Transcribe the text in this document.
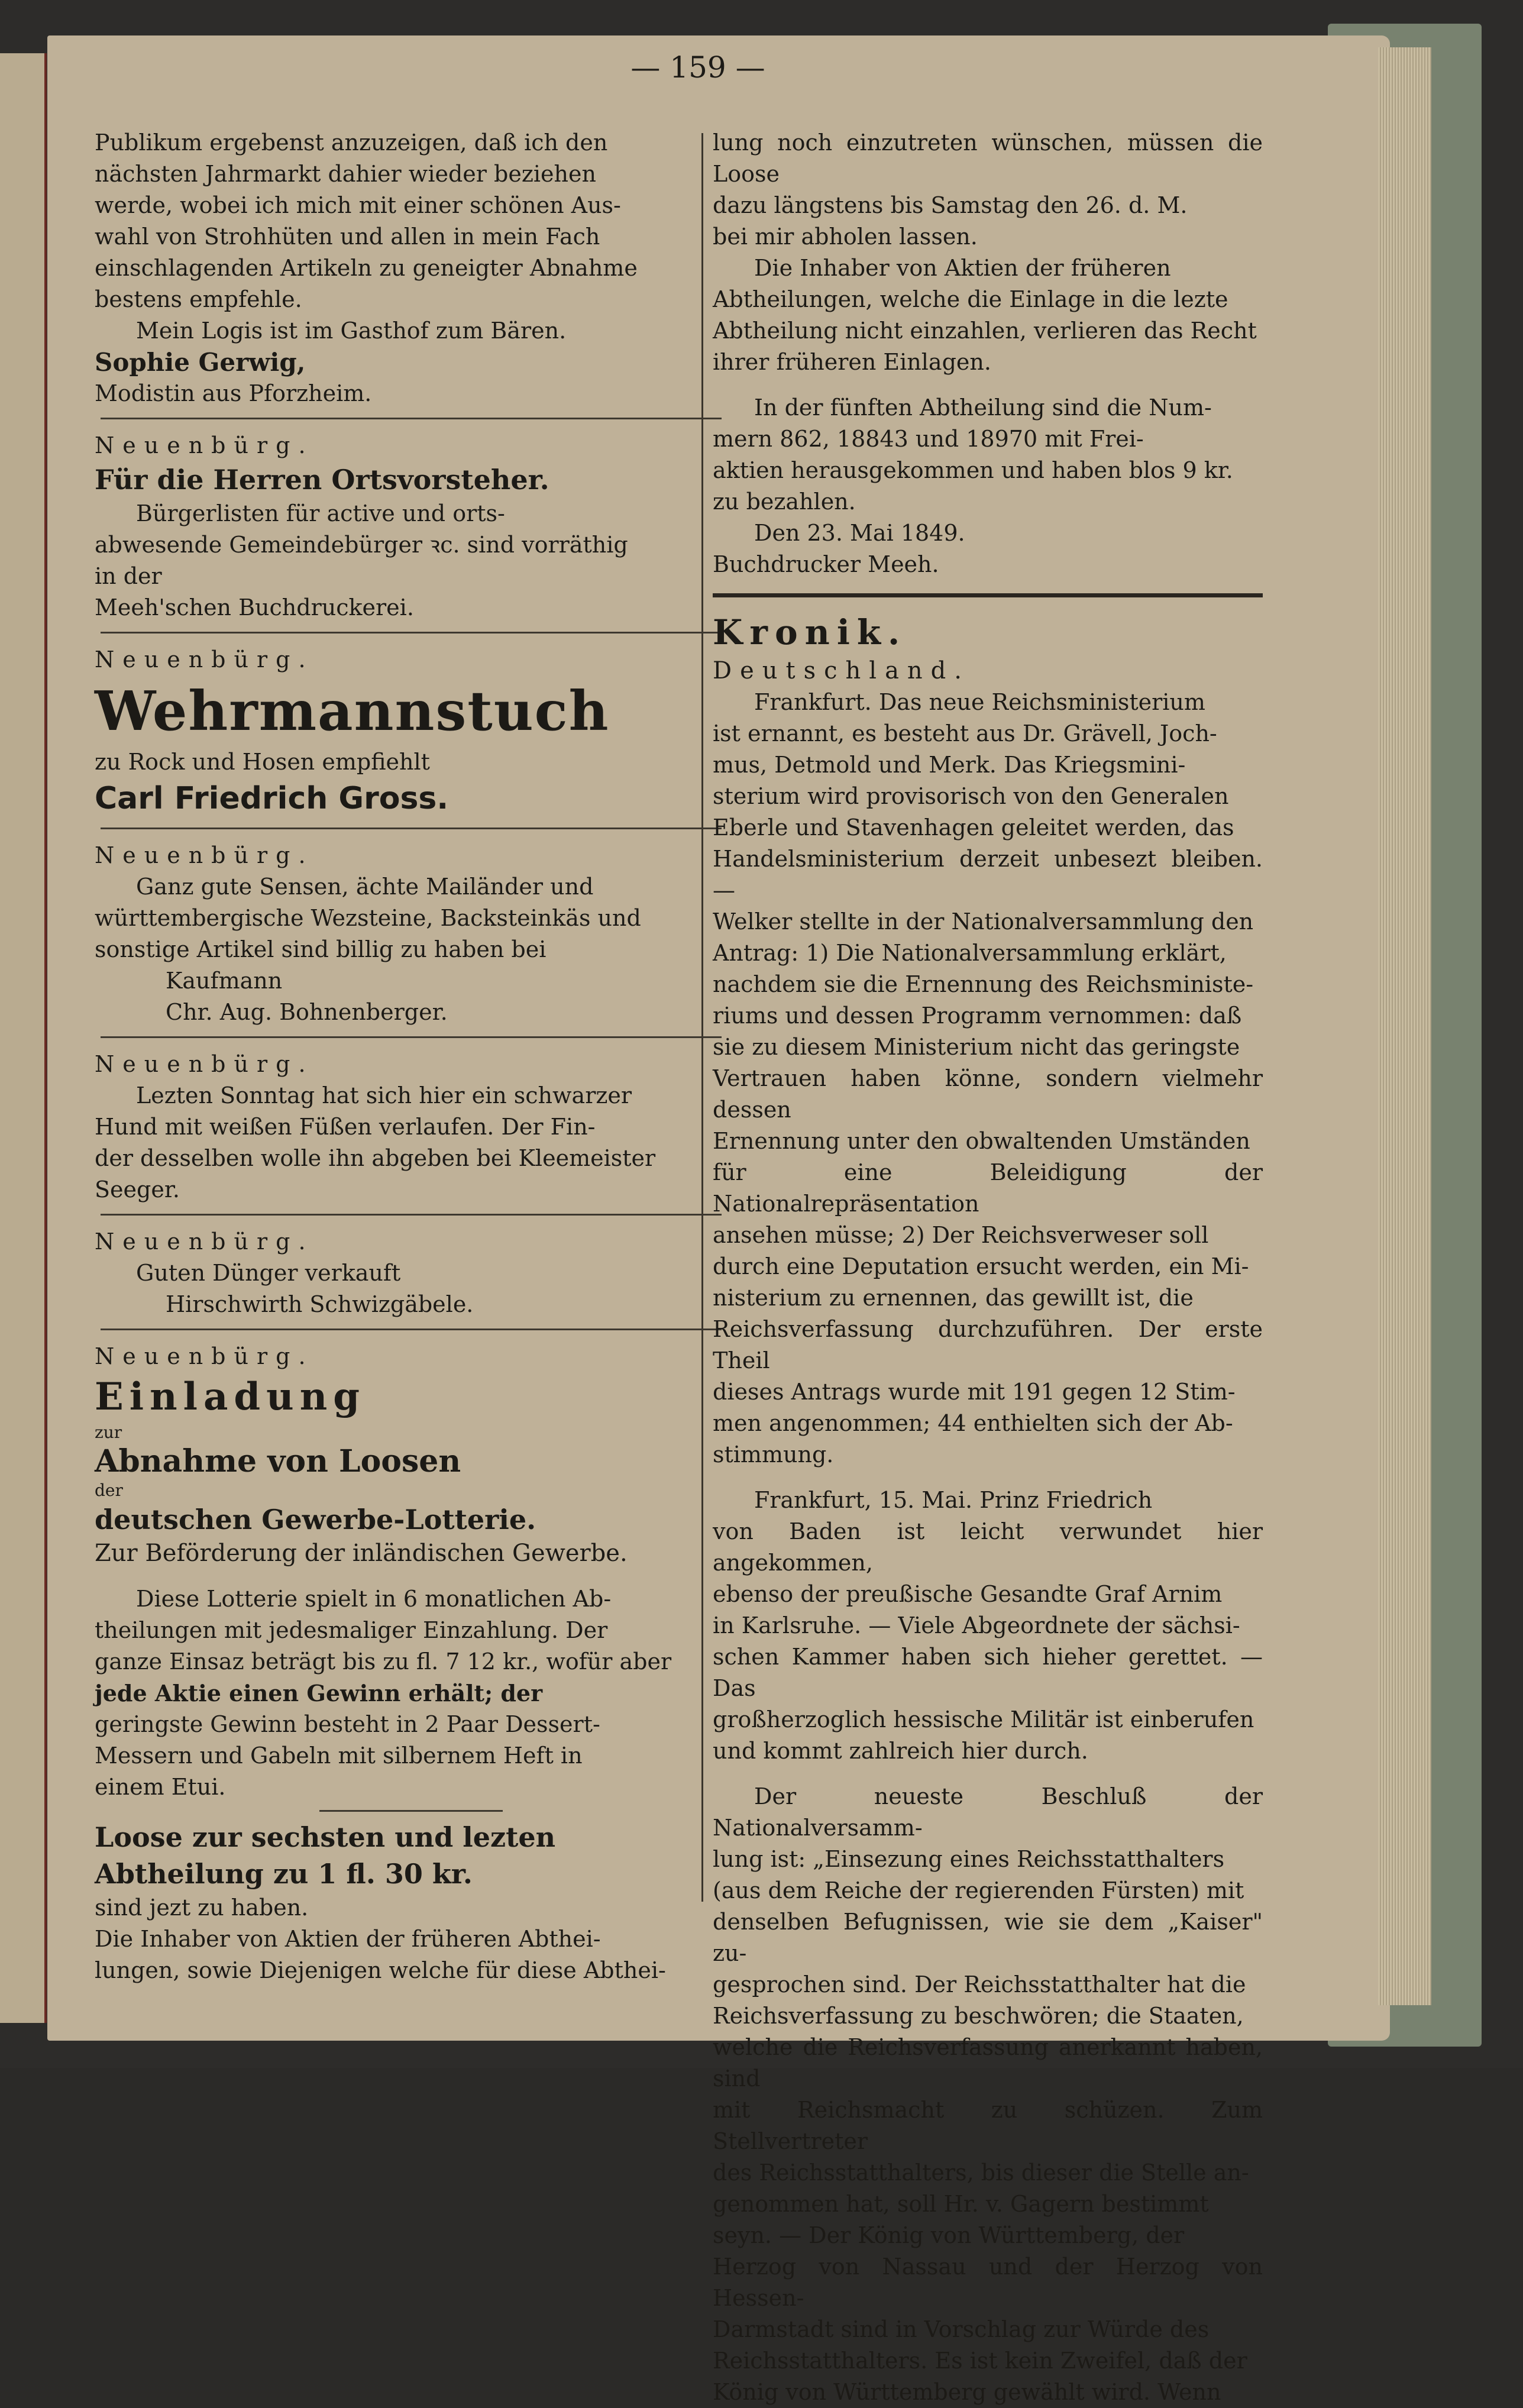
— 159 —

Publikum ergebenst anzuzeigen, daß ich den

nächsten Jahrmarkt dahier wieder beziehen

werde, wobei ich mich mit einer schönen Aus-

wahl von Strohhüten und allen in mein Fach

einschlagenden Artikeln zu geneigter Abnahme

bestens empfehle.

Mein Logis ist im Gasthof zum Bären.

Sophie Gerwig,

Modistin aus Pforzheim.

Neuenbürg.

Für die Herren Ortsvorsteher.

Bürgerlisten für active und orts-

abwesende Gemeindebürger ꝛc. sind vorräthig

in der

Meeh'schen Buchdruckerei.

Neuenbürg.

Wehrmannstuch

zu Rock und Hosen empfiehlt

Carl Friedrich Gross.

Neuenbürg.

Ganz gute Sensen, ächte Mailänder und

württembergische Wezsteine, Backsteinkäs und

sonstige Artikel sind billig zu haben bei

Kaufmann

Chr. Aug. Bohnenberger.

Neuenbürg.

Lezten Sonntag hat sich hier ein schwarzer

Hund mit weißen Füßen verlaufen. Der Fin-

der desselben wolle ihn abgeben bei Kleemeister

Seeger.

Neuenbürg.

Guten Dünger verkauft

Hirschwirth Schwizgäbele.

Neuenbürg.

Einladung

zur

Abnahme von Loosen

der

deutschen Gewerbe-Lotterie.

Zur Beförderung der inländischen Gewerbe.

Diese Lotterie spielt in 6 monatlichen Ab-

theilungen mit jedesmaliger Einzahlung. Der

ganze Einsaz beträgt bis zu fl. 7 12 kr., wofür aber

jede Aktie einen Gewinn erhält; der

geringste Gewinn besteht in 2 Paar Dessert-

Messern und Gabeln mit silbernem Heft in

einem Etui.

Loose zur sechsten und lezten

Abtheilung zu 1 fl. 30 kr.

sind jezt zu haben.

Die Inhaber von Aktien der früheren Abthei-

lungen, sowie Diejenigen welche für diese Abthei-

lung noch einzutreten wünschen, müssen die Loose

dazu längstens bis Samstag den 26. d. M.

bei mir abholen lassen.

Die Inhaber von Aktien der früheren

Abtheilungen, welche die Einlage in die lezte

Abtheilung nicht einzahlen, verlieren das Recht

ihrer früheren Einlagen.

In der fünften Abtheilung sind die Num-

mern 862, 18843 und 18970 mit Frei-

aktien herausgekommen und haben blos 9 kr.

zu bezahlen.

Den 23. Mai 1849.

Buchdrucker Meeh.

Kronik.

Deutschland.

Frankfurt. Das neue Reichsministerium

ist ernannt, es besteht aus Dr. Grävell, Joch-

mus, Detmold und Merk. Das Kriegsmini-

sterium wird provisorisch von den Generalen

Eberle und Stavenhagen geleitet werden, das

Handelsministerium derzeit unbesezt bleiben. —

Welker stellte in der Nationalversammlung den

Antrag: 1) Die Nationalversammlung erklärt,

nachdem sie die Ernennung des Reichsministe-

riums und dessen Programm vernommen: daß

sie zu diesem Ministerium nicht das geringste

Vertrauen haben könne, sondern vielmehr dessen

Ernennung unter den obwaltenden Umständen

für eine Beleidigung der Nationalrepräsentation

ansehen müsse; 2) Der Reichsverweser soll

durch eine Deputation ersucht werden, ein Mi-

nisterium zu ernennen, das gewillt ist, die

Reichsverfassung durchzuführen. Der erste Theil

dieses Antrags wurde mit 191 gegen 12 Stim-

men angenommen; 44 enthielten sich der Ab-

stimmung.

Frankfurt, 15. Mai. Prinz Friedrich

von Baden ist leicht verwundet hier angekommen,

ebenso der preußische Gesandte Graf Arnim

in Karlsruhe. — Viele Abgeordnete der sächsi-

schen Kammer haben sich hieher gerettet. — Das

großherzoglich hessische Militär ist einberufen

und kommt zahlreich hier durch.

Der neueste Beschluß der Nationalversamm-

lung ist: „Einsezung eines Reichsstatthalters

(aus dem Reiche der regierenden Fürsten) mit

denselben Befugnissen, wie sie dem „Kaiser" zu-

gesprochen sind. Der Reichsstatthalter hat die

Reichsverfassung zu beschwören; die Staaten,

welche die Reichsverfassung anerkannt haben, sind

mit Reichsmacht zu schüzen. Zum Stellvertreter

des Reichsstatthalters, bis dieser die Stelle an-

genommen hat, soll Hr. v. Gagern bestimmt

seyn. — Der König von Württemberg, der

Herzog von Nassau und der Herzog von Hessen-

Darmstadt sind in Vorschlag zur Würde des

Reichsstatthalters. Es ist kein Zweifel, daß der

König von Württemberg gewählt wird. Wenn
